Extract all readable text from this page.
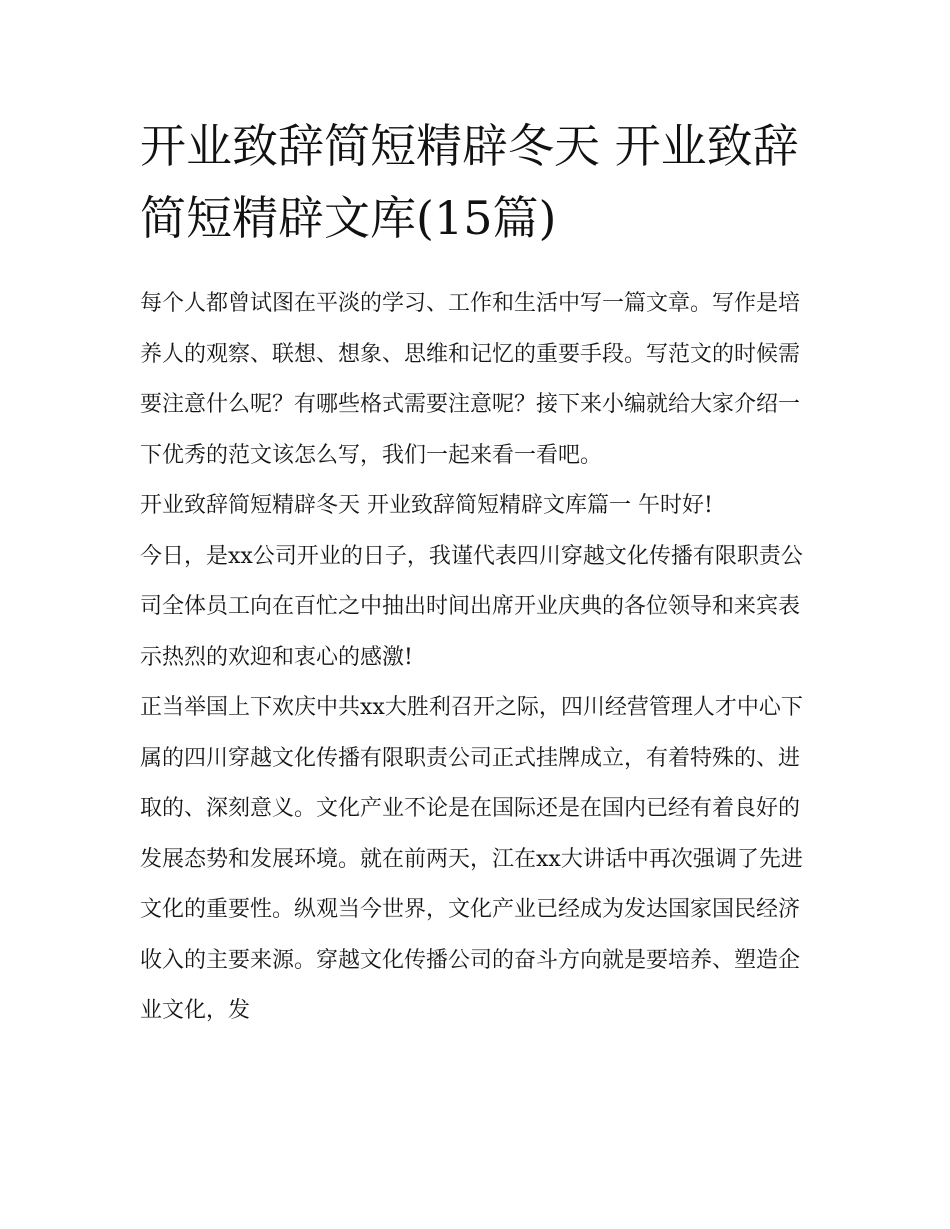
开业致辞简短精辟冬天 开业致辞简短精辟文库(15篇)

每个人都曾试图在平淡的学习、工作和生活中写一篇文章。写作是培养人的观察、联想、想象、思维和记忆的重要手段。写范文的时候需要注意什么呢？有哪些格式需要注意呢？接下来小编就给大家介绍一下优秀的范文该怎么写，我们一起来看一看吧。

开业致辞简短精辟冬天 开业致辞简短精辟文库篇一 午时好!

今日，是xx公司开业的日子，我谨代表四川穿越文化传播有限职责公司全体员工向在百忙之中抽出时间出席开业庆典的各位领导和来宾表示热烈的欢迎和衷心的感激!

正当举国上下欢庆中共xx大胜利召开之际，四川经营管理人才中心下属的四川穿越文化传播有限职责公司正式挂牌成立，有着特殊的、进取的、深刻意义。文化产业不论是在国际还是在国内已经有着良好的发展态势和发展环境。就在前两天，江在xx大讲话中再次强调了先进文化的重要性。纵观当今世界，文化产业已经成为发达国家国民经济收入的主要来源。穿越文化传播公司的奋斗方向就是要培养、塑造企业文化，发
